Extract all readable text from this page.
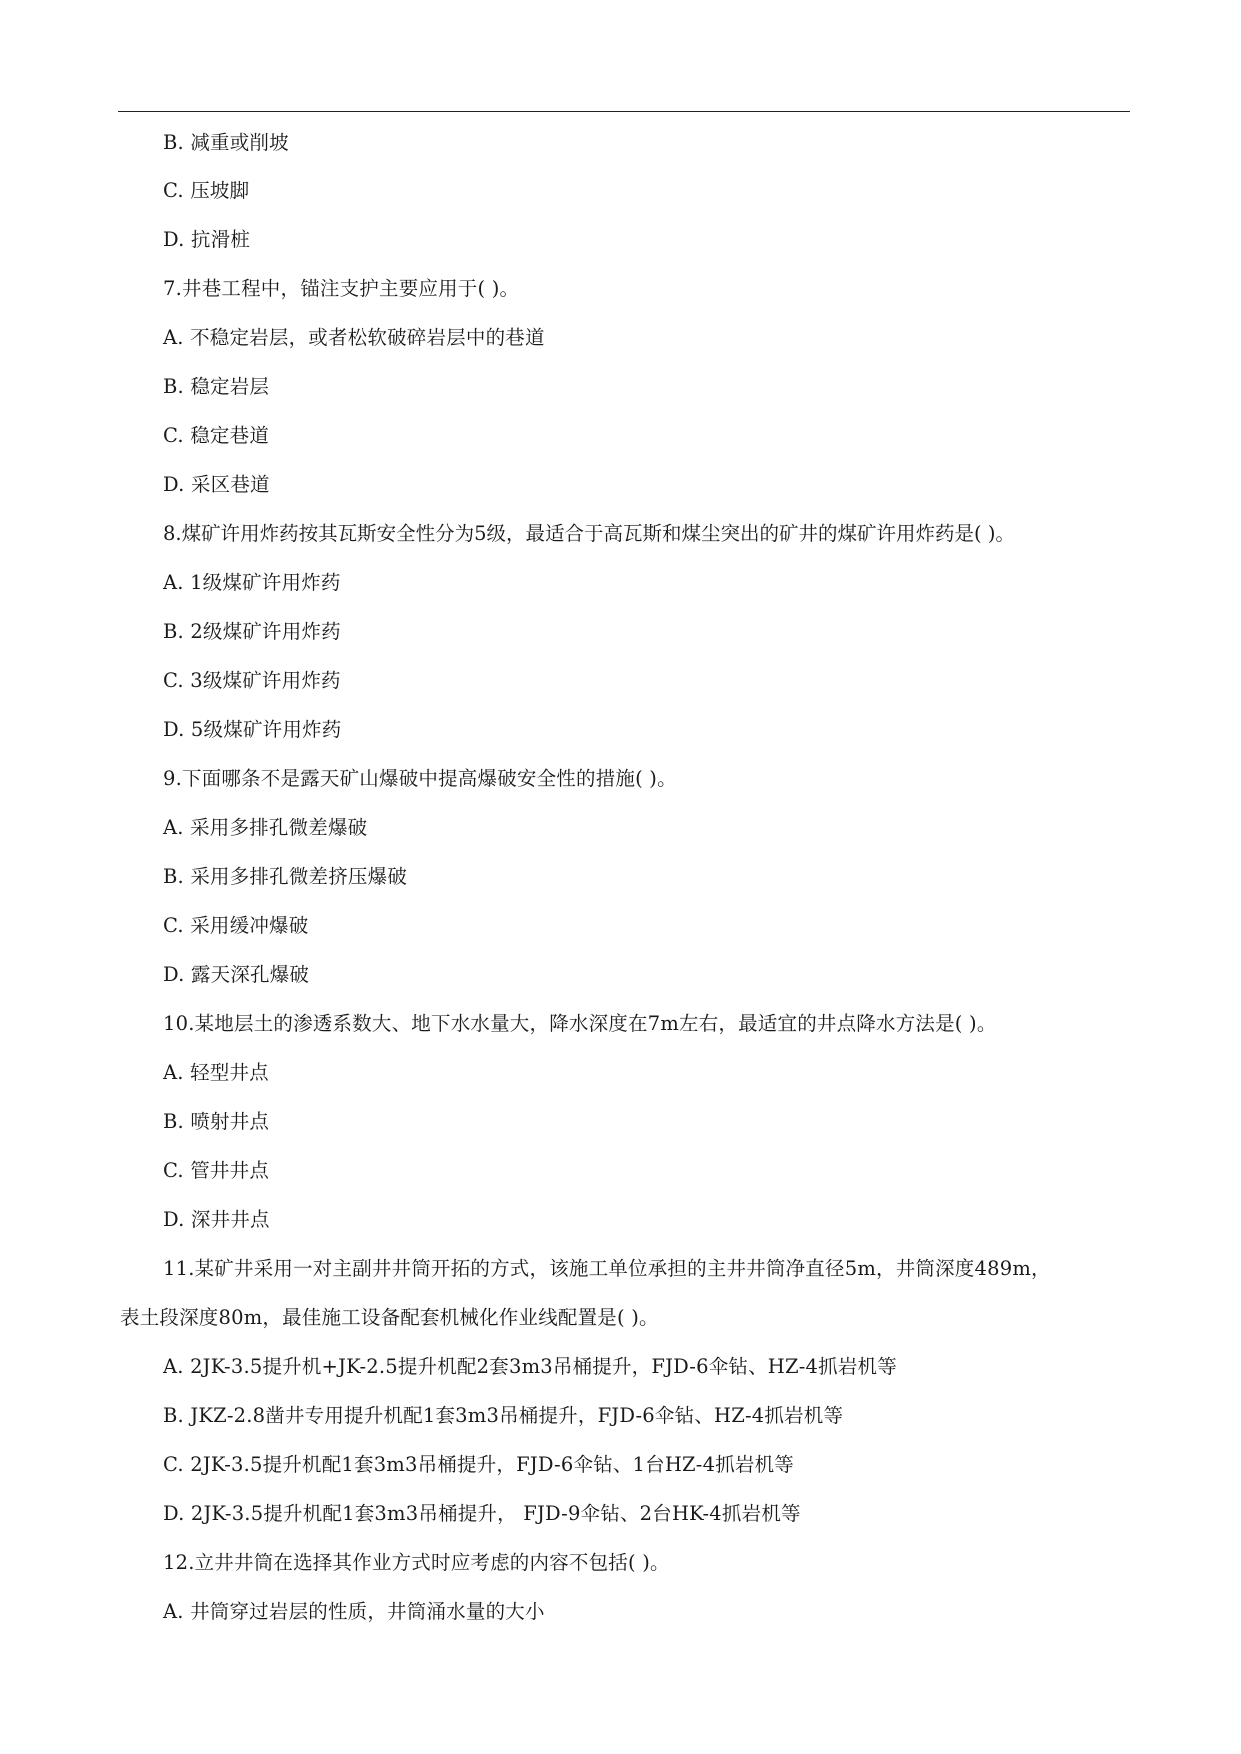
B. 减重或削坡
C. 压坡脚
D. 抗滑桩
7.井巷工程中，锚注支护主要应用于( )。
A. 不稳定岩层，或者松软破碎岩层中的巷道
B. 稳定岩层
C. 稳定巷道
D. 采区巷道
8.煤矿许用炸药按其瓦斯安全性分为5级，最适合于高瓦斯和煤尘突出的矿井的煤矿许用炸药是( )。
A. 1级煤矿许用炸药
B. 2级煤矿许用炸药
C. 3级煤矿许用炸药
D. 5级煤矿许用炸药
9.下面哪条不是露天矿山爆破中提高爆破安全性的措施( )。
A. 采用多排孔微差爆破
B. 采用多排孔微差挤压爆破
C. 采用缓冲爆破
D. 露天深孔爆破
10.某地层土的渗透系数大、地下水水量大，降水深度在7m左右，最适宜的井点降水方法是( )。
A. 轻型井点
B. 喷射井点
C. 管井井点
D. 深井井点
11.某矿井采用一对主副井井筒开拓的方式，该施工单位承担的主井井筒净直径5m，井筒深度489m，
表土段深度80m，最佳施工设备配套机械化作业线配置是( )。
A. 2JK-3.5提升机+JK-2.5提升机配2套3m3吊桶提升，FJD-6伞钻、HZ-4抓岩机等
B. JKZ-2.8凿井专用提升机配1套3m3吊桶提升，FJD-6伞钻、HZ-4抓岩机等
C. 2JK-3.5提升机配1套3m3吊桶提升，FJD-6伞钻、1台HZ-4抓岩机等
D. 2JK-3.5提升机配1套3m3吊桶提升， FJD-9伞钻、2台HK-4抓岩机等
12.立井井筒在选择其作业方式时应考虑的内容不包括( )。
A. 井筒穿过岩层的性质，井筒涌水量的大小
